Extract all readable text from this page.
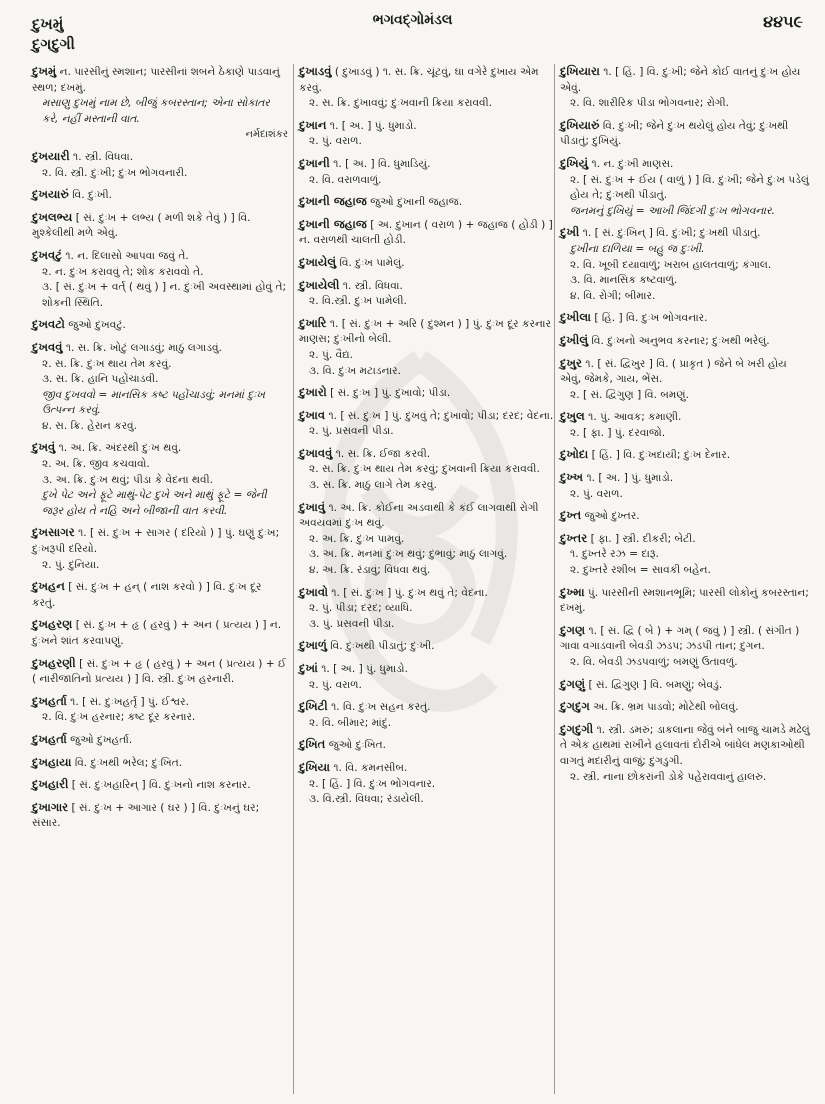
દુખમું
દુગદુગી
ભગવદ્ગોમંડલ	૪૪૫૯
દુખમું ન. પારસીનું સ્મશાન; પારસીનાં શબને ઠેકાણે પાડવાનું સ્થળ; દખમું.
મસાણુ દુખમું નામ છે, બીજું કબરસ્તાન; એના સોકાતર કરે, નહીં મસ્તાની વાત.
નર્મદાશંકર
દુખયારી ૧. સ્ત્રી. વિધવા.
૨. વિ. સ્ત્રી. દુઃખી; દુઃખ ભોગવનારી.
દુખયારું વિ. દુઃખી.
દુખલભ્ય [ સં. દુઃખ + લભ્ય ( મળી શકે તેવું ) ] વિ. મુશ્કેલીથી મળે એવું.
દુખવટું ૧. ન. દિલાસો આપવા જવું તે.
૨. ન. દુઃખ કરાવવું તે; શોક કરાવવો તે.
૩. [ સં. દુઃખ + વર્ત્ ( થવું ) ] ન. દુઃખી અવસ્થામાં હોવું તે; શોકની સ્થિતિ.
દુખવટો જુઓ દુખવટું.
દુખવવું ૧. સ. ક્રિ. ખોટું લગાડવું; માઠું લગાડવું.
૨. સ. ક્રિ. દુઃખ થાય તેમ કરવું.
૩. સ. ક્રિ. હાનિ પહોંચાડવી.
જીવ દુખવવો = માનસિક કષ્ટ પહોંચાડવું; મનમાં દુઃખ ઉત્પન્ન કરવું.
૪. સ. ક્રિ. હેરાન કરવું.
દુખવું ૧. અ. ક્રિ. અંદરથી દુઃખ થવું.
૨. અ. ક્રિ. જીવ કચવાવો.
૩. અ. ક્રિ. દુઃખ થવું; પીડા કે વેદના થવી.
દુખે પેટ અને ફૂટે માથું-પેટ દુખે અને માથું ફૂટે = જેની જરૂર હોય તે નહિ અને બીજાની વાત કરવી.
દુખસાગર ૧. [ સં. દુઃખ + સાગર ( દરિયો ) ] પું. ઘણું દુઃખ; દુઃખરૂપી દરિયો.
૨. પું. દુનિયા.
દુખહન [ સં. દુઃખ + હન્ ( નાશ કરવો ) ] વિ. દુઃખ દૂર કરતું.
દુખહરણ [ સં. દુઃખ + હૃ ( હરવું ) + અન ( પ્રત્યય ) ] ન. દુઃખને શાંત કરવાપણું.
દુખહરણી [ સં. દુઃખ + હૃ ( હરવું ) + અન ( પ્રત્યય ) + ઈ ( નારીજાતિનો પ્રત્યય ) ] વિ. સ્ત્રી. દુઃખ હરનારી.
દુખહર્તા ૧. [ સં. દુઃખહર્તૃ ] પું. ઈશ્વર.
૨. વિ. દુઃખ હરનાર; કષ્ટ દૂર કરનાર.
દુખહર્તા જુઓ દુખહર્તા.
દુખહાયા વિ. દુઃખથી ભરેલ; દુઃખિત.
દુખહારી [ સં. દુઃખહારિન્ ] વિ. દુઃખનો નાશ કરનાર.
દુખાગાર [ સં. દુઃખ + આગાર ( ઘર ) ] વિ. દુઃખનું ઘર; સંસાર.
દુખાડવું ( દુખાડવું ) ૧. સ. ક્રિ. ચૂંટવું, ઘા વગેરે દુખાય એમ કરવું.
૨. સ. ક્રિ. દુખાવવું; દુઃખવાની ક્રિયા કરાવવી.
દુખાન ૧. [ અ. ] પું. ધુમાડો.
૨. પું. વરાળ.
દુખાની ૧. [ અ. ] વિ. ધુમાડિયું.
૨. વિ. વરાળવાળું.
દુખાની જહાજ જુઓ દુખાની જહાજ.
દુખાની જહાજ [ અ. દુખાન ( વરાળ ) + જહાજ ( હોડી ) ] ન. વરાળથી ચાલતી હોડી.
દુખાયેલું વિ. દુઃખ પામેલું.
દુખાયેલી ૧. સ્ત્રી. વિધવા.
૨. વિ.સ્ત્રી. દુઃખ પામેલી.
દુખારિ ૧. [ સં. દુઃખ + અરિ ( દુશ્મન ) ] પું. દુઃખ દૂર કરનાર માણસ; દુઃખીનો બેલી.
૨. પું. વૈદ્ય.
૩. વિ. દુઃખ મટાડનાર.
દુખારો [ સં. દુઃખ ] પું. દુખાવો; પીડા.
દુખાવ ૧. [ સં. દુઃખ ] પું. દુખવું તે; દુખાવો; પીડા; દરદ; વેદના.
૨. પું. પ્રસવની પીડા.
દુખાવવું ૧. સ. ક્રિ. ઈજા કરવી.
૨. સ. ક્રિ. દુઃખ થાય તેમ કરવું; દુખવાની ક્રિયા કરાવવી.
૩. સ. ક્રિ. માઠું લાગે તેમ કરવું.
દુખાવું ૧. અ. ક્રિ. કોઈના અડવાથી કે કંઈ લાગવાથી રોગી અવયવમાં દુઃખ થવું.
૨. અ. ક્રિ. દુઃખ પામવું.
૩. અ. ક્રિ. મનમાં દુઃખ થવું; દુભાવું; માઠું લાગવું.
૪. અ. ક્રિ. રંડાવું; વિધવા થવું.
દુખાવો ૧. [ સં. દુઃખ ] પું. દુઃખ થવું તે; વેદના.
૨. પું. પીડા; દરદ; વ્યાધિ.
૩. પું. પ્રસવની પીડા.
દુખાળું વિ. દુઃખથી પીડાતું; દુઃખી.
દુખાં ૧. [ અ. ] પું. ધુમાડો.
૨. પું. વરાળ.
દુખિટી ૧. વિ. દુઃખ સહન કરતું.
૨. વિ. બીમાર; માંદું.
દુખિત જુઓ દુઃખિત.
દુખિયા ૧. વિ. કમનસીબ.
૨. [ હિં. ] વિ. દુઃખ ભોગવનાર.
૩. વિ.સ્ત્રી. વિધવા; રંડાયેલી.
દુખિયારા ૧. [ હિં. ] વિ. દુઃખી; જેને કોઈ વાતનું દુઃખ હોય એવું.
૨. વિ. શારીરિક પીડા ભોગવનાર; રોગી.
દુખિયારું વિ. દુઃખી; જેને દુઃખ થયેલું હોય તેવું; દુઃખથી પીડાતું; દુખિયું.
દુખિયું ૧. ન. દુઃખી માણસ.
૨. [ સં. દુઃખ + ઈય ( વાળું ) ] વિ. દુઃખી; જેને દુઃખ પડેલું હોય તે; દુઃખથી પીડાતું.
જનમનું દુખિયું = આખી જિંદગી દુઃખ ભોગવનાર.
દુખી ૧. [ સં. દુઃખિન્ ] વિ. દુઃખી; દુઃખથી પીડાતું.
દુખીના દાળિયા = બહુ જ દુઃખી.
૨. વિ. ખૂબી દયાવાળું; ખરાબ હાલતવાળું; કંગાલ.
૩. વિ. માનસિક કષ્ટવાળું.
૪. વિ. રોગી; બીમાર.
દુખીલા [ હિં. ] વિ. દુઃખ ભોગવનાર.
દુખીલું વિ. દુઃખનો અનુભવ કરનાર; દુઃખથી ભરેલું.
દુખુર ૧. [ સં. દ્વિખુર ] વિ. ( પ્રાકૃત ) જેને બે ખરી હોય એવું, જેમકે, ગાય, ભેંસ.
૨. [ સં. દ્વિગુણ ] વિ. બમણું.
દુખુલ ૧. પું. આવક; કમાણી.
૨. [ ફા. ] પું. દરવાજો.
દુખોદા [ હિં. ] વિ. દુઃખદાયી; દુઃખ દેનાર.
દુખ્ખ ૧. [ અ. ] પું. ધુમાડો.
૨. પું. વરાળ.
દુખ્ત જુઓ દુખ્તર.
દુખ્તર [ ફા. ] સ્ત્રી. દીકરી; બેટી.
૧. દુખ્તરે રઝ = દારૂ.
૨. દુખ્તરે રશીબ = સાવકી બહેન.
દુખ્મા પું. પારસીની સ્મશાનભૂમિ; પારસી લોકોનું કબરસ્તાન; દખમું.
દુગણ ૧. [ સં. દ્વિ ( બે ) + ગમ્ ( જવું ) ] સ્ત્રી. ( સંગીત ) ગાવા વગાડવાની બેવડી ઝડપ; ઝડપી તાન; દુગન.
૨. વિ. બેવડી ઝડપવાળું; બમણું ઉતાવળું.
દુગણું [ સં. દ્વિગુણ ] વિ. બમણું; બેવડું.
દુગદુગ અ. ક્રિ. ભ્રમ પાડવો; મોટેથી બોલવું.
દુગદુગી ૧. સ્ત્રી. ડમરું; ડાકલાના જેવું બંને બાજુ ચામડે મઢેલું તે એક હાથમાં રાખીને હલાવતાં દોરીએ બાંધેલ મણકાઓથી વાગતું મદારીનું વાજું; દુગડુગી.
૨. સ્ત્રી. નાના છોકરાંની ડોકે પહેરાવવાનું હાલરું.
